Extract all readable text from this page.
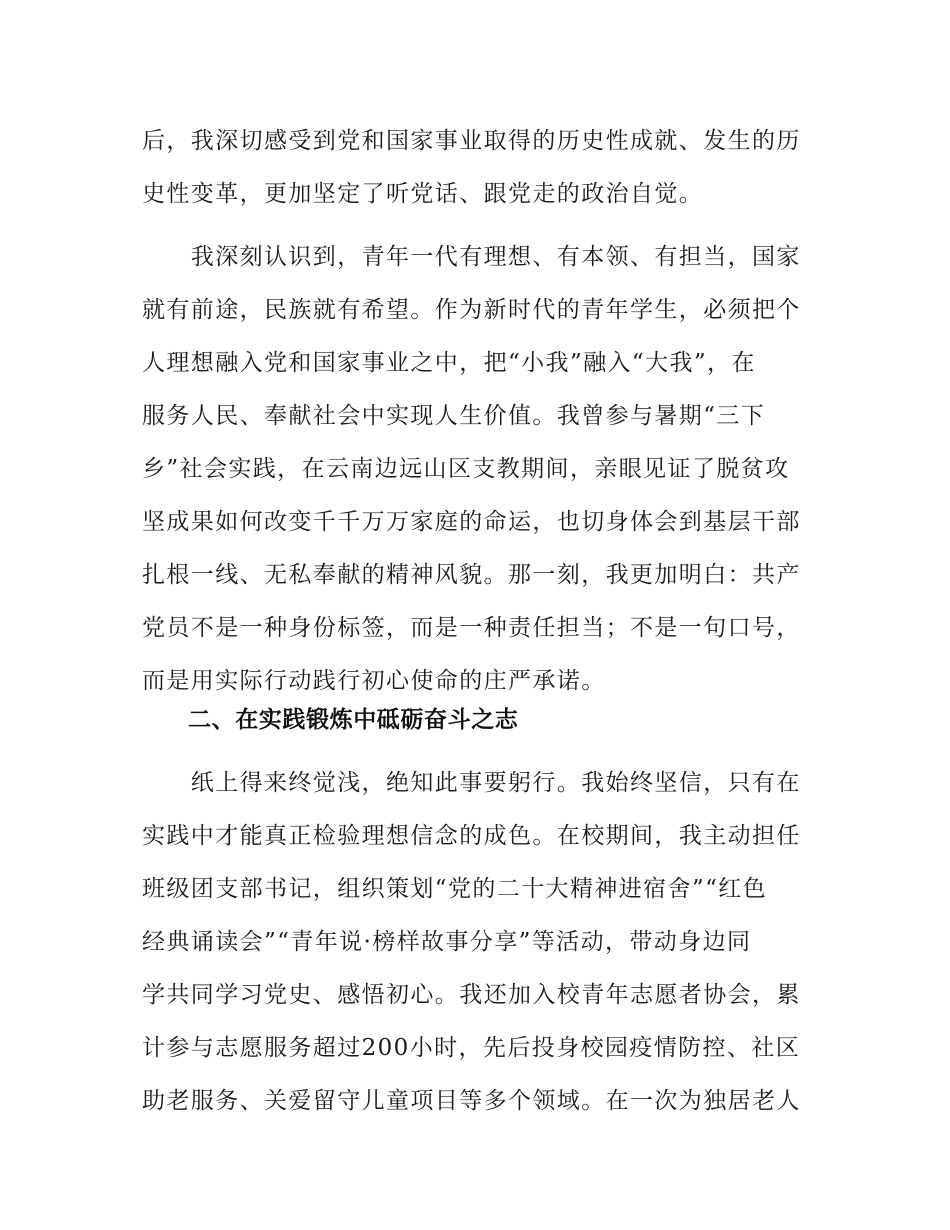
后，我深切感受到党和国家事业取得的历史性成就、发生的历
史性变革，更加坚定了听党话、跟党走的政治自觉。
　　我深刻认识到，青年一代有理想、有本领、有担当，国家
就有前途，民族就有希望。作为新时代的青年学生，必须把个
人理想融入党和国家事业之中，把“小我”融入“大我”，在
服务人民、奉献社会中实现人生价值。我曾参与暑期“三下
乡”社会实践，在云南边远山区支教期间，亲眼见证了脱贫攻
坚成果如何改变千千万万家庭的命运，也切身体会到基层干部
扎根一线、无私奉献的精神风貌。那一刻，我更加明白：共产
党员不是一种身份标签，而是一种责任担当；不是一句口号，
而是用实际行动践行初心使命的庄严承诺。
二、在实践锻炼中砥砺奋斗之志
　　纸上得来终觉浅，绝知此事要躬行。我始终坚信，只有在
实践中才能真正检验理想信念的成色。在校期间，我主动担任
班级团支部书记，组织策划“党的二十大精神进宿舍”“红色
经典诵读会”“青年说·榜样故事分享”等活动，带动身边同
学共同学习党史、感悟初心。我还加入校青年志愿者协会，累
计参与志愿服务超过200小时，先后投身校园疫情防控、社区
助老服务、关爱留守儿童项目等多个领域。在一次为独居老人
